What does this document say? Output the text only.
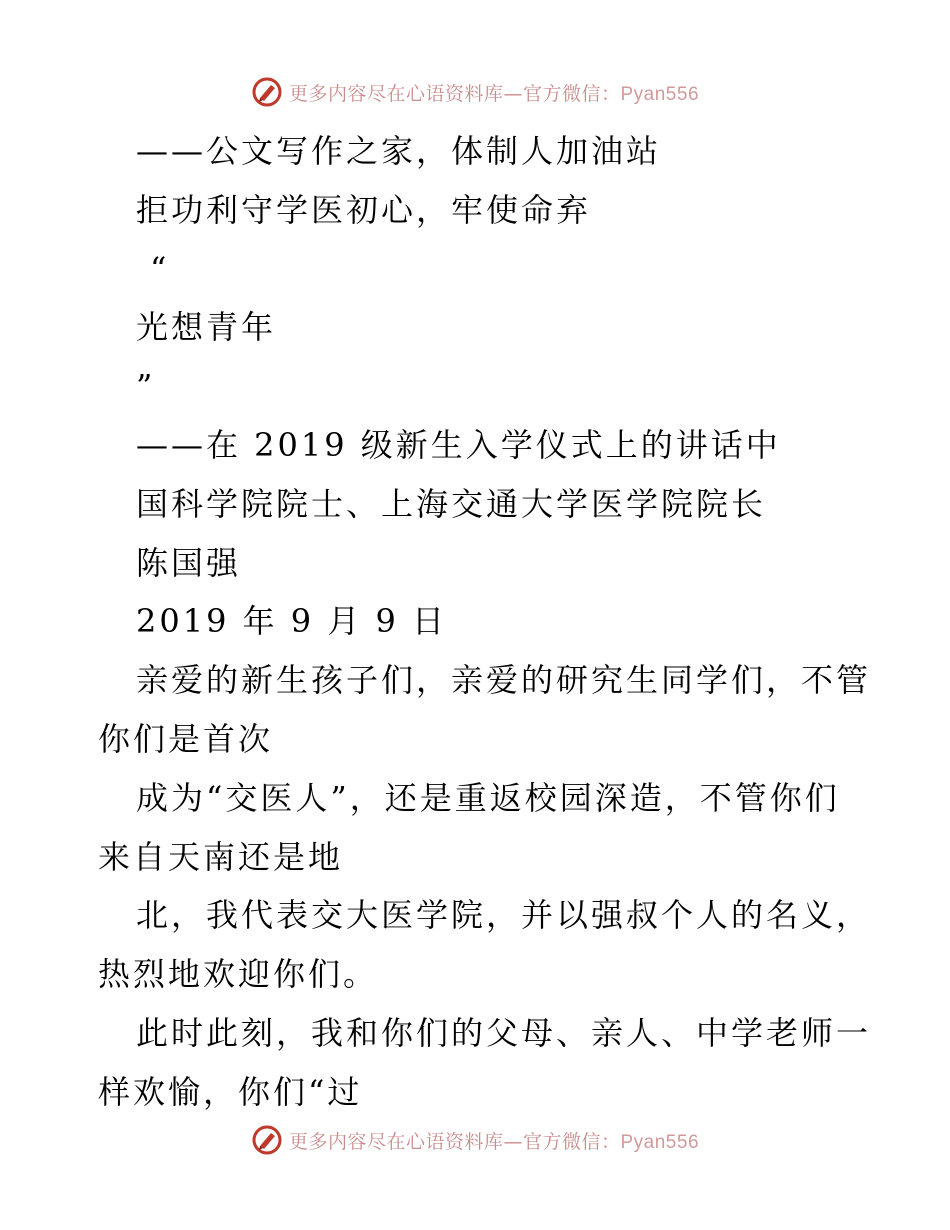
更多内容尽在心语资料库—官方微信：Pyan556
——公文写作之家，体制人加油站
拒功利守学医初心，牢使命弃
“
光想青年
”
——在 2019 级新生入学仪式上的讲话中
国科学院院士、上海交通大学医学院院长
陈国强
2019 年 9 月 9 日
亲爱的新生孩子们，亲爱的研究生同学们，不管
你们是首次
成为“交医人”，还是重返校园深造，不管你们
来自天南还是地
北，我代表交大医学院，并以强叔个人的名义，
热烈地欢迎你们。
此时此刻，我和你们的父母、亲人、中学老师一
样欢愉，你们“过
更多内容尽在心语资料库—官方微信：Pyan556
